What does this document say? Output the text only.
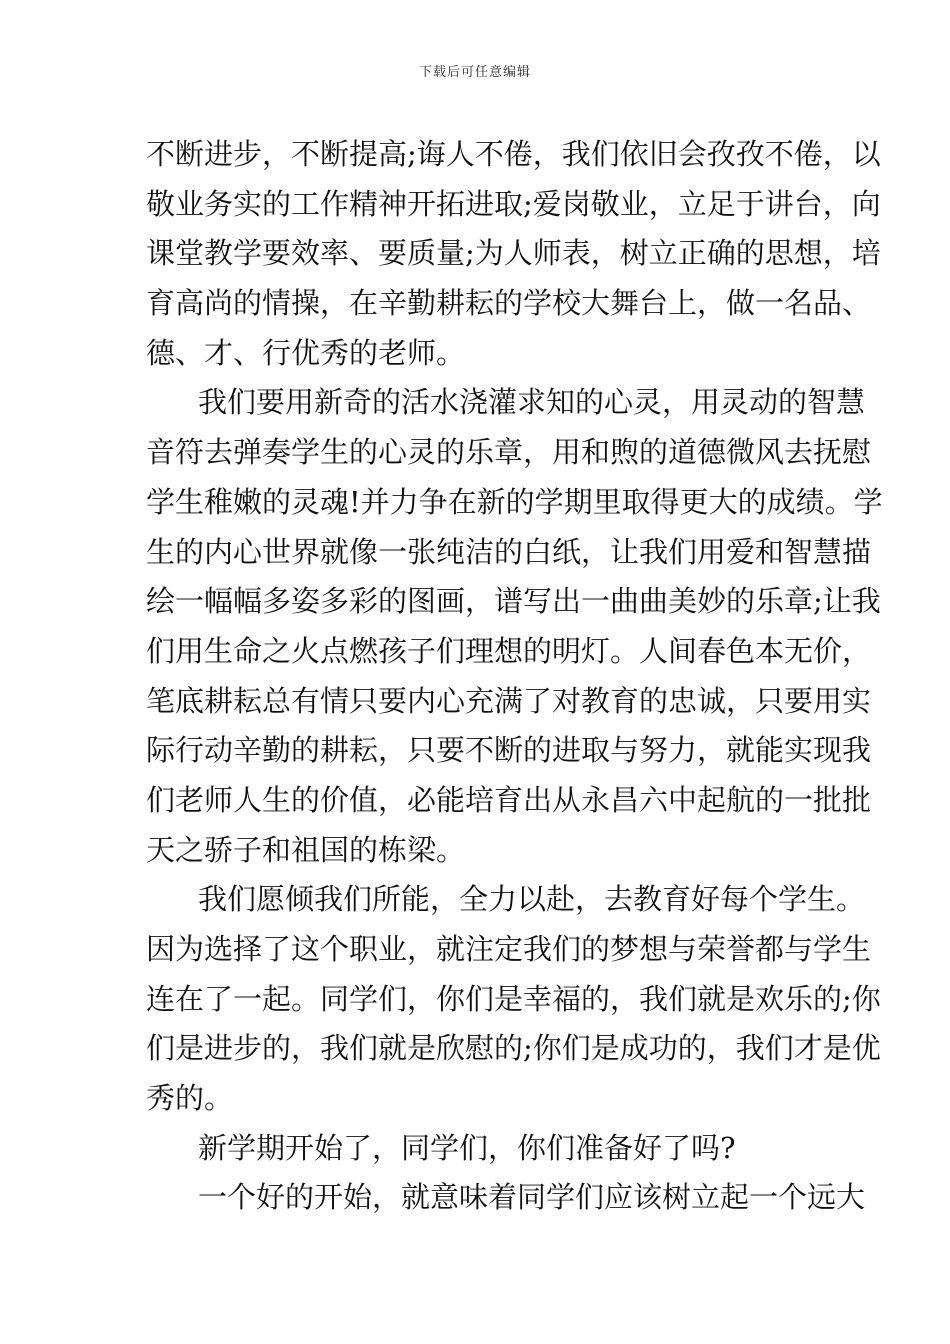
下载后可任意编辑
不断进步，不断提高;诲人不倦，我们依旧会孜孜不倦，以
敬业务实的工作精神开拓进取;爱岗敬业，立足于讲台，向
课堂教学要效率、要质量;为人师表，树立正确的思想，培
育高尚的情操，在辛勤耕耘的学校大舞台上，做一名品、
德、才、行优秀的老师。
我们要用新奇的活水浇灌求知的心灵，用灵动的智慧
音符去弹奏学生的心灵的乐章，用和煦的道德微风去抚慰
学生稚嫩的灵魂!并力争在新的学期里取得更大的成绩。学
生的内心世界就像一张纯洁的白纸，让我们用爱和智慧描
绘一幅幅多姿多彩的图画，谱写出一曲曲美妙的乐章;让我
们用生命之火点燃孩子们理想的明灯。人间春色本无价，
笔底耕耘总有情只要内心充满了对教育的忠诚，只要用实
际行动辛勤的耕耘，只要不断的进取与努力，就能实现我
们老师人生的价值，必能培育出从永昌六中起航的一批批
天之骄子和祖国的栋梁。
我们愿倾我们所能，全力以赴，去教育好每个学生。
因为选择了这个职业，就注定我们的梦想与荣誉都与学生
连在了一起。同学们，你们是幸福的，我们就是欢乐的;你
们是进步的，我们就是欣慰的;你们是成功的，我们才是优
秀的。
新学期开始了，同学们，你们准备好了吗?
一个好的开始，就意味着同学们应该树立起一个远大
